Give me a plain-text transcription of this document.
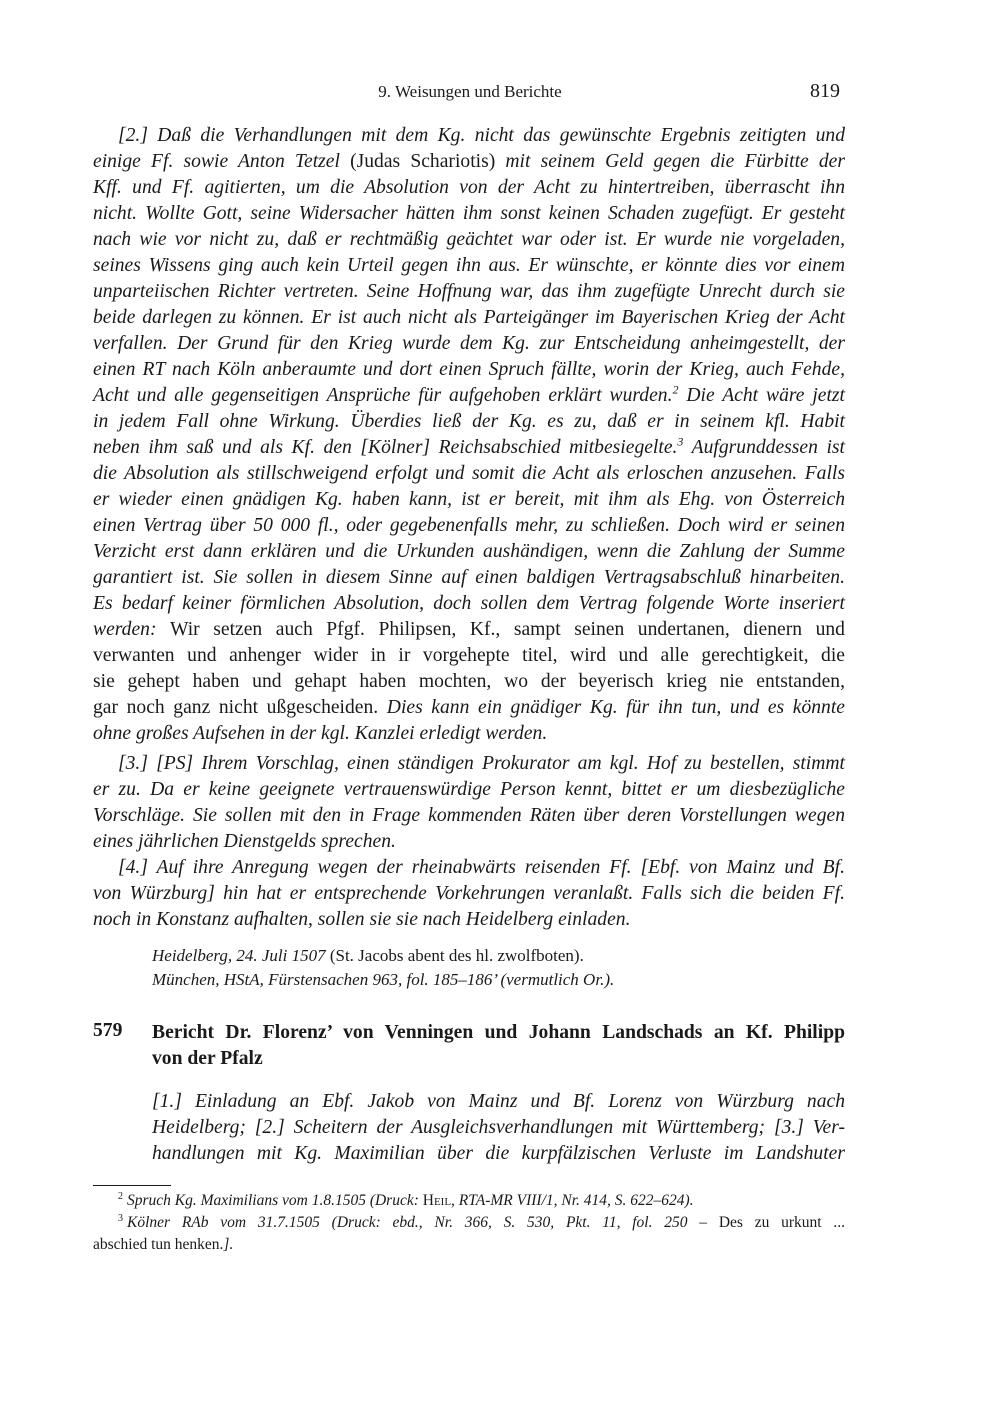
9. Weisungen und Berichte	819
[2.] Daß die Verhandlungen mit dem Kg. nicht das gewünschte Ergebnis zeitigten und
einige Ff. sowie Anton Tetzel (Judas Schariotis) mit seinem Geld gegen die Fürbitte der
Kff. und Ff. agitierten, um die Absolution von der Acht zu hintertreiben, überrascht ihn
nicht. Wollte Gott, seine Widersacher hätten ihm sonst keinen Schaden zugefügt. Er gesteht
nach wie vor nicht zu, daß er rechtmäßig geächtet war oder ist. Er wurde nie vorgeladen,
seines Wissens ging auch kein Urteil gegen ihn aus. Er wünschte, er könnte dies vor einem
unparteiischen Richter vertreten. Seine Hoffnung war, das ihm zugefügte Unrecht durch sie
beide darlegen zu können. Er ist auch nicht als Parteigänger im Bayerischen Krieg der Acht
verfallen. Der Grund für den Krieg wurde dem Kg. zur Entscheidung anheimgestellt, der
einen RT nach Köln anberaumte und dort einen Spruch fällte, worin der Krieg, auch Fehde,
Acht und alle gegenseitigen Ansprüche für aufgehoben erklärt wurden.$^2$ Die Acht wäre jetzt
in jedem Fall ohne Wirkung. Überdies ließ der Kg. es zu, daß er in seinem kfl. Habit
neben ihm saß und als Kf. den [Kölner] Reichsabschied mitbesiegelte.$^3$ Aufgrunddessen ist
die Absolution als stillschweigend erfolgt und somit die Acht als erloschen anzusehen. Falls
er wieder einen gnädigen Kg. haben kann, ist er bereit, mit ihm als Ehg. von Österreich
einen Vertrag über 50 000 fl., oder gegebenenfalls mehr, zu schließen. Doch wird er seinen
Verzicht erst dann erklären und die Urkunden aushändigen, wenn die Zahlung der Summe
garantiert ist. Sie sollen in diesem Sinne auf einen baldigen Vertragsabschluß hinarbeiten.
Es bedarf keiner förmlichen Absolution, doch sollen dem Vertrag folgende Worte inseriert
werden: Wir setzen auch Pfgf. Philipsen, Kf., sampt seinen undertanen, dienern und
verwanten und anhenger wider in ir vorgehepte titel, wird und alle gerechtigkeit, die
sie gehept haben und gehapt haben mochten, wo der beyerisch krieg nie entstanden,
gar noch ganz nicht ußgescheiden. Dies kann ein gnädiger Kg. für ihn tun, und es könnte
ohne großes Aufsehen in der kgl. Kanzlei erledigt werden.
[3.] [PS] Ihrem Vorschlag, einen ständigen Prokurator am kgl. Hof zu bestellen, stimmt
er zu. Da er keine geeignete vertrauenswürdige Person kennt, bittet er um diesbezügliche
Vorschläge. Sie sollen mit den in Frage kommenden Räten über deren Vorstellungen wegen
eines jährlichen Dienstgelds sprechen.
[4.] Auf ihre Anregung wegen der rheinabwärts reisenden Ff. [Ebf. von Mainz und Bf.
von Würzburg] hin hat er entsprechende Vorkehrungen veranlaßt. Falls sich die beiden Ff.
noch in Konstanz aufhalten, sollen sie sie nach Heidelberg einladen.
Heidelberg, 24. Juli 1507 (St. Jacobs abent des hl. zwolfboten).
München, HStA, Fürstensachen 963, fol. 185–186’ (vermutlich Or.).
579 Bericht Dr. Florenz’ von Venningen und Johann Landschads an Kf. Philipp
von der Pfalz
[1.] Einladung an Ebf. Jakob von Mainz und Bf. Lorenz von Würzburg nach
Heidelberg; [2.] Scheitern der Ausgleichsverhandlungen mit Württemberg; [3.] Ver-
handlungen mit Kg. Maximilian über die kurpfälzischen Verluste im Landshuter
$^2$ Spruch Kg. Maximilians vom 1.8.1505 (Druck: Heil, RTA-MR VIII/1, Nr. 414, S. 622–624).
$^3$ Kölner RAb vom 31.7.1505 (Druck: ebd., Nr. 366, S. 530, Pkt. 11, fol. 250 – Des zu urkunt ...
abschied tun henken.].
